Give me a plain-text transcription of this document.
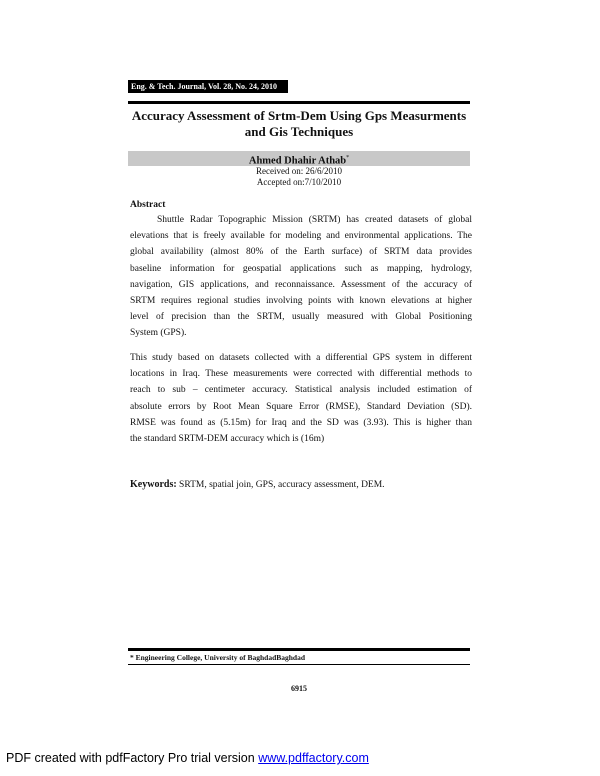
Eng. & Tech. Journal, Vol. 28, No. 24, 2010
Accuracy Assessment of Srtm-Dem Using Gps Measurments
and Gis Techniques
Ahmed Dhahir Athab*
Received on: 26/6/2010
Accepted on:7/10/2010
Abstract
Shuttle Radar Topographic Mission (SRTM) has created datasets of global
elevations that is freely available for modeling and environmental applications. The
global availability (almost 80% of the Earth surface) of SRTM data provides
baseline information for geospatial applications such as mapping, hydrology,
navigation, GIS applications, and reconnaissance. Assessment of the accuracy of
SRTM requires regional studies involving points with known elevations at higher
level of precision than the SRTM, usually measured with Global Positioning
System (GPS).
This study based on datasets collected with a differential GPS system in different
locations in Iraq. These measurements were corrected with differential methods to
reach to sub – centimeter accuracy. Statistical analysis included estimation of
absolute errors by Root Mean Square Error (RMSE), Standard Deviation (SD).
RMSE was found as (5.15m) for Iraq and the SD was (3.93). This is higher than
the standard SRTM-DEM accuracy which is (16m)
Keywords: SRTM, spatial join, GPS, accuracy assessment, DEM.
* Engineering College, University of BaghdadBaghdad
6915
PDF created with pdfFactory Pro trial version www.pdffactory.com
